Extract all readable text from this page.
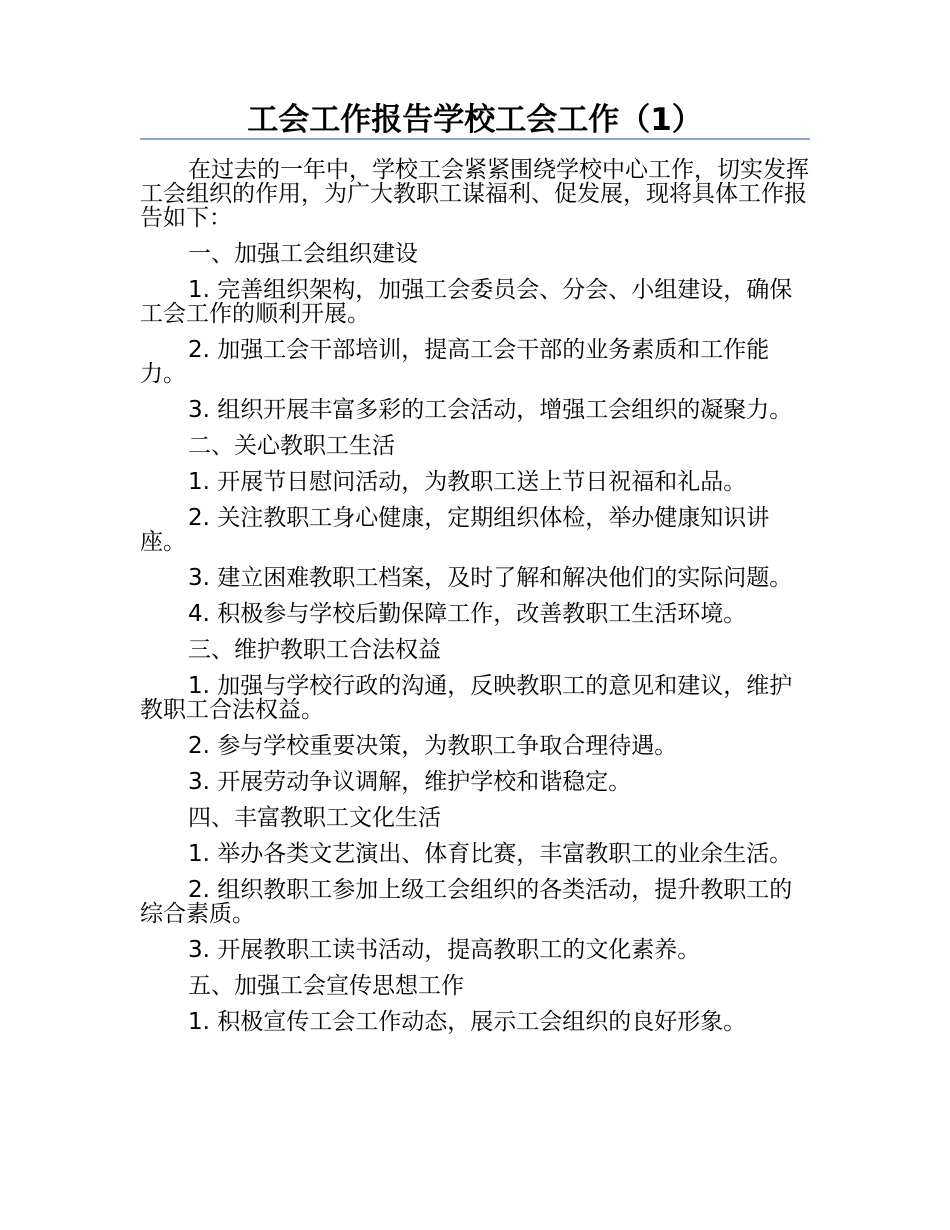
工会工作报告学校工会工作（1）

在过去的一年中，学校工会紧紧围绕学校中心工作，切实发挥工会组织的作用，为广大教职工谋福利、促发展，现将具体工作报告如下：

一、加强工会组织建设

1. 完善组织架构，加强工会委员会、分会、小组建设，确保工会工作的顺利开展。

2. 加强工会干部培训，提高工会干部的业务素质和工作能力。

3. 组织开展丰富多彩的工会活动，增强工会组织的凝聚力。

二、关心教职工生活

1. 开展节日慰问活动，为教职工送上节日祝福和礼品。

2. 关注教职工身心健康，定期组织体检，举办健康知识讲座。

3. 建立困难教职工档案，及时了解和解决他们的实际问题。

4. 积极参与学校后勤保障工作，改善教职工生活环境。

三、维护教职工合法权益

1. 加强与学校行政的沟通，反映教职工的意见和建议，维护教职工合法权益。

2. 参与学校重要决策，为教职工争取合理待遇。

3. 开展劳动争议调解，维护学校和谐稳定。

四、丰富教职工文化生活

1. 举办各类文艺演出、体育比赛，丰富教职工的业余生活。

2. 组织教职工参加上级工会组织的各类活动，提升教职工的综合素质。

3. 开展教职工读书活动，提高教职工的文化素养。

五、加强工会宣传思想工作

1. 积极宣传工会工作动态，展示工会组织的良好形象。
